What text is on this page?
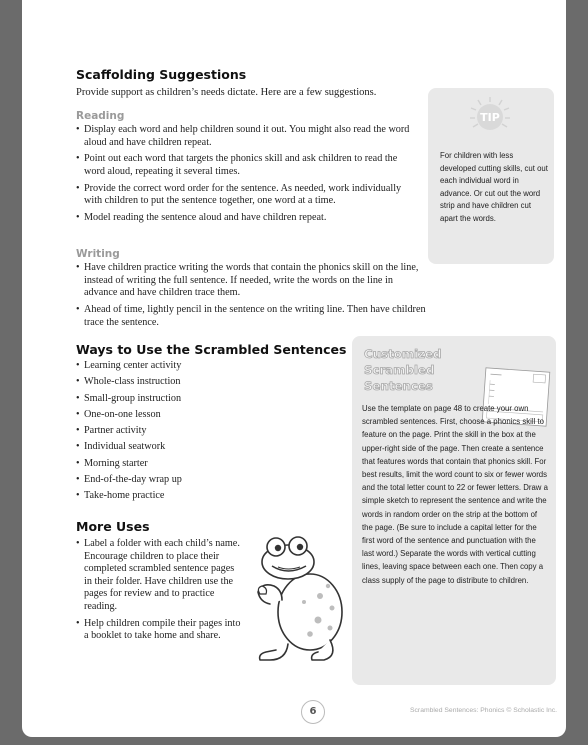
Scaffolding Suggestions

Provide support as children’s needs dictate. Here are a few suggestions.

Reading
• Display each word and help children sound it out. You might also read the word aloud and have children repeat.
• Point out each word that targets the phonics skill and ask children to read the word aloud, repeating it several times.
• Provide the correct word order for the sentence. As needed, work individually with children to put the sentence together, one word at a time.
• Model reading the sentence aloud and have children repeat.
Writing
• Have children practice writing the words that contain the phonics skill on the line, instead of writing the full sentence. If needed, write the words on the line in advance and have children trace them.
• Ahead of time, lightly pencil in the sentence on the writing line. Then have children trace the sentence.
TIP

For children with less developed cutting skills, cut out each individual word in advance. Or cut out the word strip and have children cut apart the words.

Ways to Use the Scrambled Sentences
• Learning center activity
• Whole-class instruction
• Small-group instruction
• One-on-one lesson
• Partner activity
• Individual seatwork
• Morning starter
• End-of-the-day wrap up
• Take-home practice
More Uses
• Label a folder with each child’s name. Encourage children to place their completed scrambled sentence pages in their folder. Have children use the pages for review and to practice reading.
• Help children compile their pages into a booklet to take home and share.
Customized Scrambled Sentences

Use the template on page 48 to create your own scrambled sentences. First, choose a phonics skill to feature on the page. Print the skill in the box at the upper-right side of the page. Then create a sentence that features words that contain that phonics skill. For best results, limit the word count to six or fewer words and the total letter count to 22 or fewer letters. Draw a simple sketch to represent the sentence and write the words in random order on the strip at the bottom of the page. (Be sure to include a capital letter for the first word of the sentence and punctuation with the last word.) Separate the words with vertical cutting lines, leaving space between each one. Then copy a class supply of the page to distribute to children.

6	Scrambled Sentences: Phonics © Scholastic Inc.
